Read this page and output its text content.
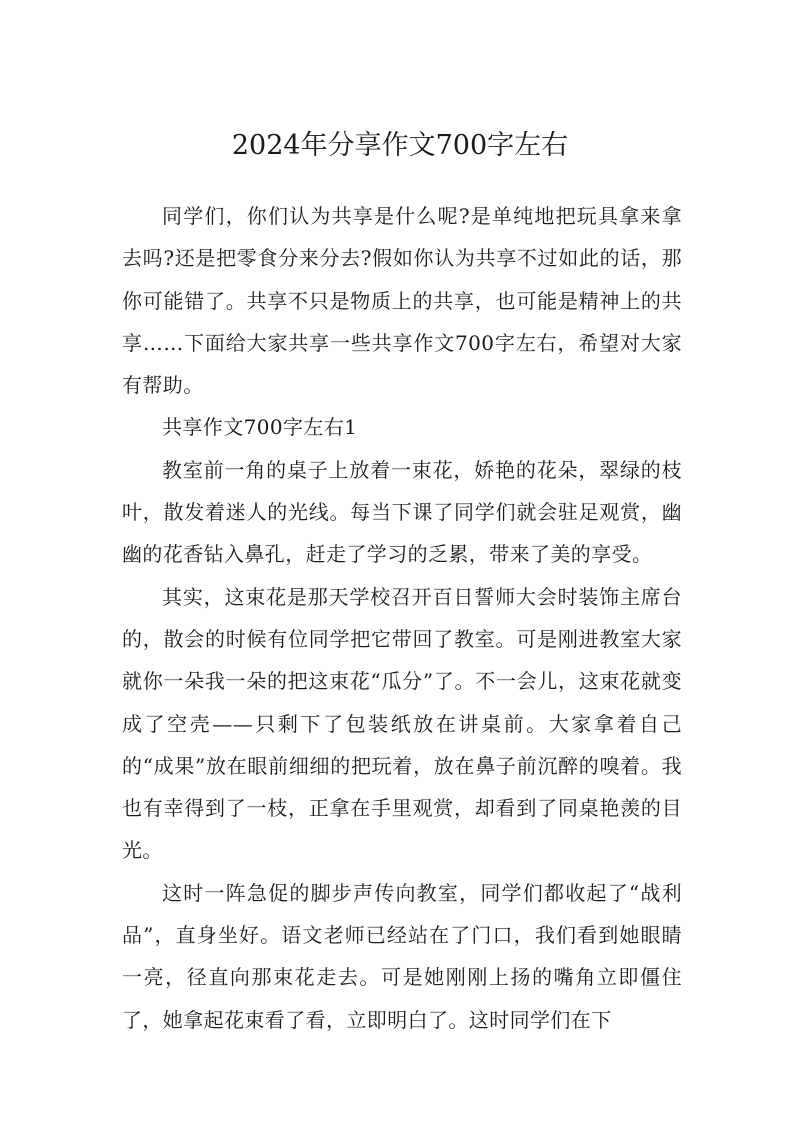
2024年分享作文700字左右

同学们，你们认为共享是什么呢?是单纯地把玩具拿来拿去吗?还是把零食分来分去?假如你认为共享不过如此的话，那你可能错了。共享不只是物质上的共享，也可能是精神上的共享……下面给大家共享一些共享作文700字左右，希望对大家有帮助。

共享作文700字左右1

教室前一角的桌子上放着一束花，娇艳的花朵，翠绿的枝叶，散发着迷人的光线。每当下课了同学们就会驻足观赏，幽幽的花香钻入鼻孔，赶走了学习的乏累，带来了美的享受。

其实，这束花是那天学校召开百日誓师大会时装饰主席台的，散会的时候有位同学把它带回了教室。可是刚进教室大家就你一朵我一朵的把这束花“瓜分”了。不一会儿，这束花就变成了空壳——只剩下了包装纸放在讲桌前。大家拿着自己的“成果”放在眼前细细的把玩着，放在鼻子前沉醉的嗅着。我也有幸得到了一枝，正拿在手里观赏，却看到了同桌艳羡的目光。

这时一阵急促的脚步声传向教室，同学们都收起了“战利品”，直身坐好。语文老师已经站在了门口，我们看到她眼睛一亮，径直向那束花走去。可是她刚刚上扬的嘴角立即僵住了，她拿起花束看了看，立即明白了。这时同学们在下
